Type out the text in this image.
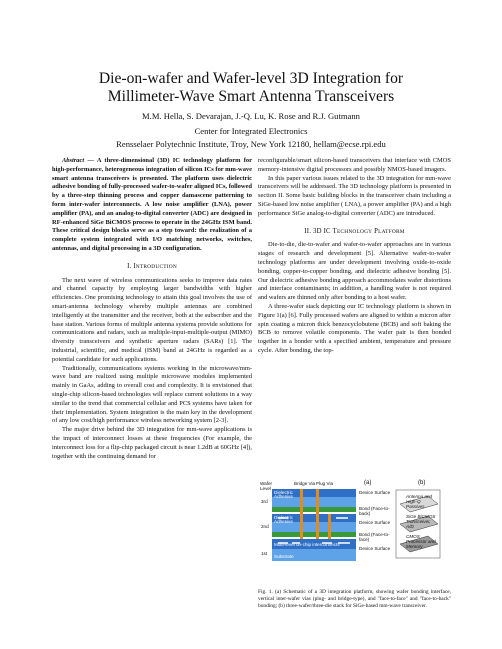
Die-on-wafer and Wafer-level 3D Integration for
Millimeter-Wave Smart Antenna Transceivers
M.M. Hella, S. Devarajan, J.-Q. Lu, K. Rose and R.J. Gutmann
Center for Integrated Electronics
Rensselaer Polytechnic Institute, Troy, New York 12180, hellam@ecse.rpi.edu

Abstract — A three-dimensional (3D) IC technology platform for high-performance, heterogeneous integration of silicon ICs for mm-wave smart antenna transceivers is presented. The platform uses dielectric adhesive bonding of fully-processed wafer-to-wafer aligned ICs, followed by a three-step thinning process and copper damascene patterning to form inter-wafer interconnects. A low noise amplifier (LNA), power amplifier (PA), and an analog-to-digital converter (ADC) are designed in RF-enhanced SiGe BiCMOS process to operate in the 24GHz ISM band. These critical design blocks serve as a step toward: the realization of a complete system integrated with I/O matching networks, switches, antennas, and digital processing in a 3D configuration.

I. INTRODUCTION

The next wave of wireless communications seeks to improve data rates and channel capacity by employing larger bandwidths with higher efficiencies. One promising technology to attain this goal involves the use of smart-antenna technology whereby multiple antennas are combined intelligently at the transmitter and the receiver, both at the subscriber and the base station. Various forms of multiple antenna systems provide solutions for communications and radars, such as multiple-input-multiple-output (MIMO) diversity transceivers and synthetic aperture radars (SARs) [1]. The industrial, scientific, and medical (ISM) band at 24GHz is regarded as a potential candidate for such applications.

Traditionally, communications systems working in the microwave/mm-wave band are realized using multiple microwave modules implemented mainly in GaAs, adding to overall cost and complexity. It is envisioned that single-chip silicon-based technologies will replace current solutions in a way similar to the trend that commercial cellular and PCS systems have taken for their implementation. System integration is the main key in the development of any low cost/high performance wireless networking system [2-3].

The major drive behind the 3D integration for mm-wave applications is the impact of interconnect losses at these frequencies (For example, the interconnect loss for a flip-chip packaged circuit is near 1.2dB at 60GHz [4]), together with the continuing demand for

reconfigurable/smart silicon-based transceivers that interface with CMOS memory-intensive digital processors and possibly NMOS-based imagers.

In this paper various issues related to the 3D integration for mm-wave transceivers will be addressed. The 3D technology platform is presented in section II. Some basic building blocks in the transceiver chain including a SiGe-based low noise amplifier ( LNA), a power amplifier (PA) and a high performance SiGe analog-to-digital converter (ADC) are introduced.

II. 3D IC TECHNOLOGY PLATFORM

Die-to-die, die-to-wafer and wafer-to-wafer approaches are in various stages of research and development [5]. Alternative wafer-to-wafer technology platforms are under development involving oxide-to-oxide bonding, copper-to-copper bonding, and dielectric adhesive bonding [5]. Our dielectric adhesive bonding approach accommodates wafer distortions and interface contaminants; in addition, a handling wafer is not required and wafers are thinned only after bonding to a host wafer.

A three-wafer stack depicting our IC technology platform is shown in Figure 1(a) [6]. Fully processed wafers are aligned to within a micron after spin coating a micron thick benzocyclobutene (BCB) and soft baking the BCB to remove volatile components. The wafer pair is then bonded together in a bonder with a specified ambient, temperature and pressure cycle. After bonding, the top-

Wafer Level
Bridge Via Plug Via	(a)	(b)
3rd
2nd
1st
Dielectric
Adhesive
Dielectric
Adhesive
Multi-level on-chip interconnects
Substrate
Device Surface
Bond (Face-to-back)
Device Surface
Bond (Face-to-face)
Device Surface
Antenna and High-Q Passives
SiGe BiCMOS Transceiver, A/D
CMOS Processor and Memory
Fig. 1. (a) Schematic of a 3D integration platform, showing wafer bonding interface, vertical inter-wafer vias (plug- and bridge-type), and "face-to-face" and "face-to-back" bonding; (b) three-wafer/three-die stack for SiGe-based mm-wave transceiver.
